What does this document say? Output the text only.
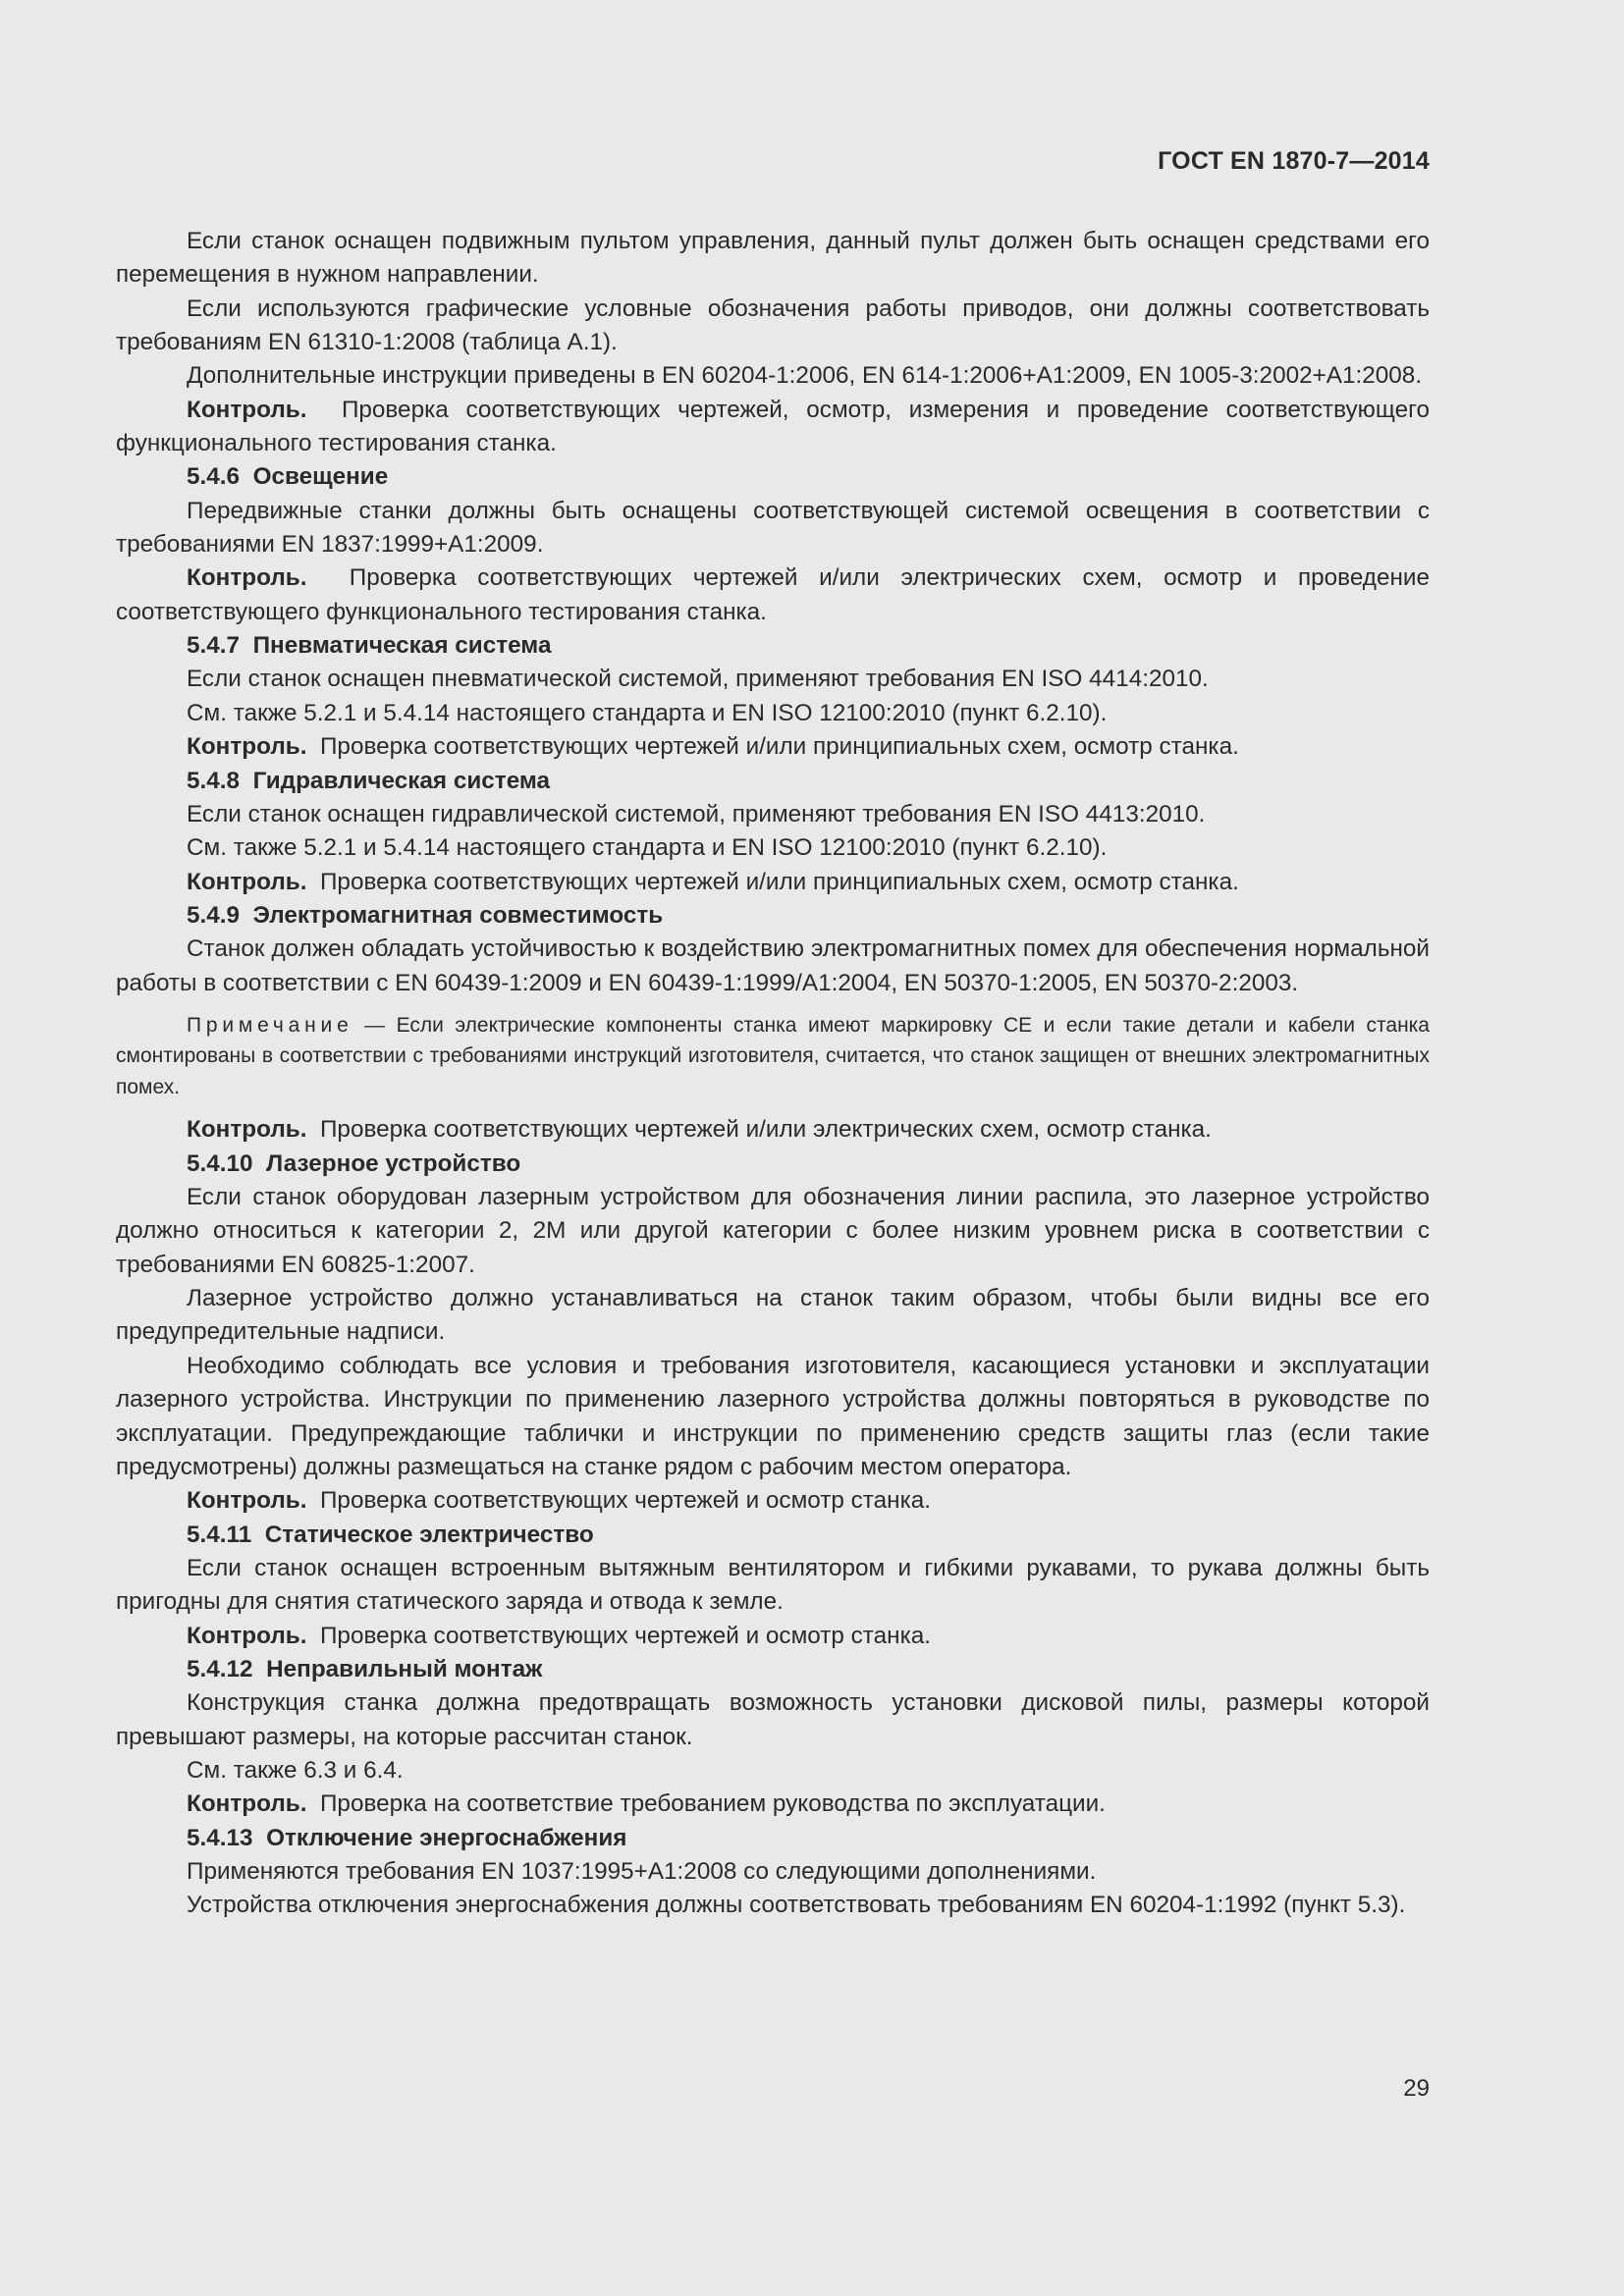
ГОСТ EN 1870-7—2014

Если станок оснащен подвижным пультом управления, данный пульт должен быть оснащен средствами его перемещения в нужном направлении.

Если используются графические условные обозначения работы приводов, они должны соответствовать требованиям EN 61310-1:2008 (таблица А.1).

Дополнительные инструкции приведены в EN 60204-1:2006, EN 614-1:2006+A1:2009, EN 1005-3:2002+A1:2008.

Контроль. Проверка соответствующих чертежей, осмотр, измерения и проведение соответствующего функционального тестирования станка.

5.4.6 Освещение

Передвижные станки должны быть оснащены соответствующей системой освещения в соответствии с требованиями EN 1837:1999+A1:2009.

Контроль. Проверка соответствующих чертежей и/или электрических схем, осмотр и проведение соответствующего функционального тестирования станка.

5.4.7 Пневматическая система

Если станок оснащен пневматической системой, применяют требования EN ISO 4414:2010.

См. также 5.2.1 и 5.4.14 настоящего стандарта и EN ISO 12100:2010 (пункт 6.2.10).

Контроль. Проверка соответствующих чертежей и/или принципиальных схем, осмотр станка.

5.4.8 Гидравлическая система

Если станок оснащен гидравлической системой, применяют требования EN ISO 4413:2010.

См. также 5.2.1 и 5.4.14 настоящего стандарта и EN ISO 12100:2010 (пункт 6.2.10).

Контроль. Проверка соответствующих чертежей и/или принципиальных схем, осмотр станка.

5.4.9 Электромагнитная совместимость

Станок должен обладать устойчивостью к воздействию электромагнитных помех для обеспечения нормальной работы в соответствии с EN 60439-1:2009 и EN 60439-1:1999/A1:2004, EN 50370-1:2005, EN 50370-2:2003.

Примечание — Если электрические компоненты станка имеют маркировку СЕ и если такие детали и кабели станка смонтированы в соответствии с требованиями инструкций изготовителя, считается, что станок защищен от внешних электромагнитных помех.

Контроль. Проверка соответствующих чертежей и/или электрических схем, осмотр станка.

5.4.10 Лазерное устройство

Если станок оборудован лазерным устройством для обозначения линии распила, это лазерное устройство должно относиться к категории 2, 2М или другой категории с более низким уровнем риска в соответствии с требованиями EN 60825-1:2007.

Лазерное устройство должно устанавливаться на станок таким образом, чтобы были видны все его предупредительные надписи.

Необходимо соблюдать все условия и требования изготовителя, касающиеся установки и эксплуатации лазерного устройства. Инструкции по применению лазерного устройства должны повторяться в руководстве по эксплуатации. Предупреждающие таблички и инструкции по применению средств защиты глаз (если такие предусмотрены) должны размещаться на станке рядом с рабочим местом оператора.

Контроль. Проверка соответствующих чертежей и осмотр станка.

5.4.11 Статическое электричество

Если станок оснащен встроенным вытяжным вентилятором и гибкими рукавами, то рукава должны быть пригодны для снятия статического заряда и отвода к земле.

Контроль. Проверка соответствующих чертежей и осмотр станка.

5.4.12 Неправильный монтаж

Конструкция станка должна предотвращать возможность установки дисковой пилы, размеры которой превышают размеры, на которые рассчитан станок.

См. также 6.3 и 6.4.

Контроль. Проверка на соответствие требованием руководства по эксплуатации.

5.4.13 Отключение энергоснабжения

Применяются требования EN 1037:1995+A1:2008 со следующими дополнениями.

Устройства отключения энергоснабжения должны соответствовать требованиям EN 60204-1:1992 (пункт 5.3).

29
